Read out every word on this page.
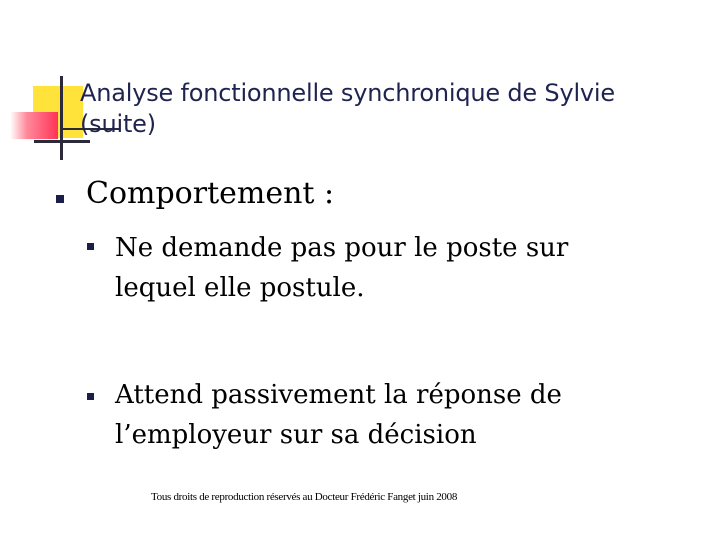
Analyse fonctionnelle synchronique de Sylvie
(suite)
Comportement :
Ne demande pas pour le poste sur
lequel elle postule.
Attend passivement la réponse de
l’employeur sur sa décision
Tous droits de reproduction réservés au Docteur Frédéric Fanget juin 2008
